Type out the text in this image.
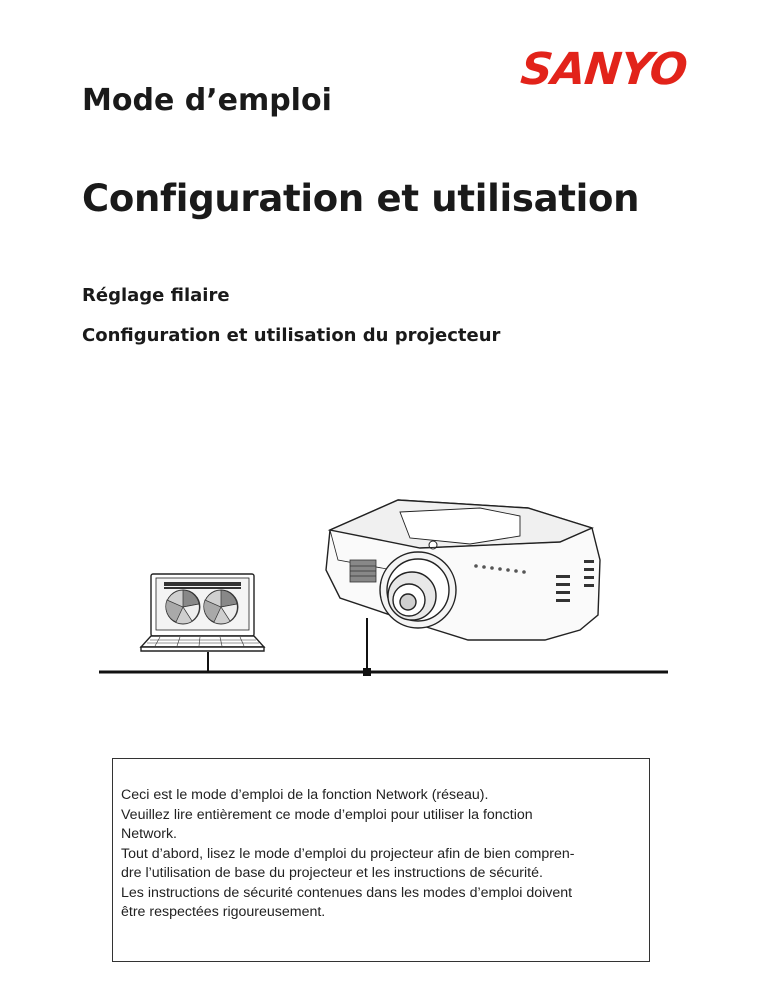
SANYO
Mode d’emploi
Configuration et utilisation
Réglage filaire
Configuration et utilisation du projecteur

Ceci est le mode d’emploi de la fonction Network (réseau).

Veuillez lire entièrement ce mode d’emploi pour utiliser la fonction

Network.

Tout d’abord, lisez le mode d’emploi du projecteur afin de bien compren-

dre l’utilisation de base du projecteur et les instructions de sécurité.

Les instructions de sécurité contenues dans les modes d’emploi doivent

être respectées rigoureusement.
